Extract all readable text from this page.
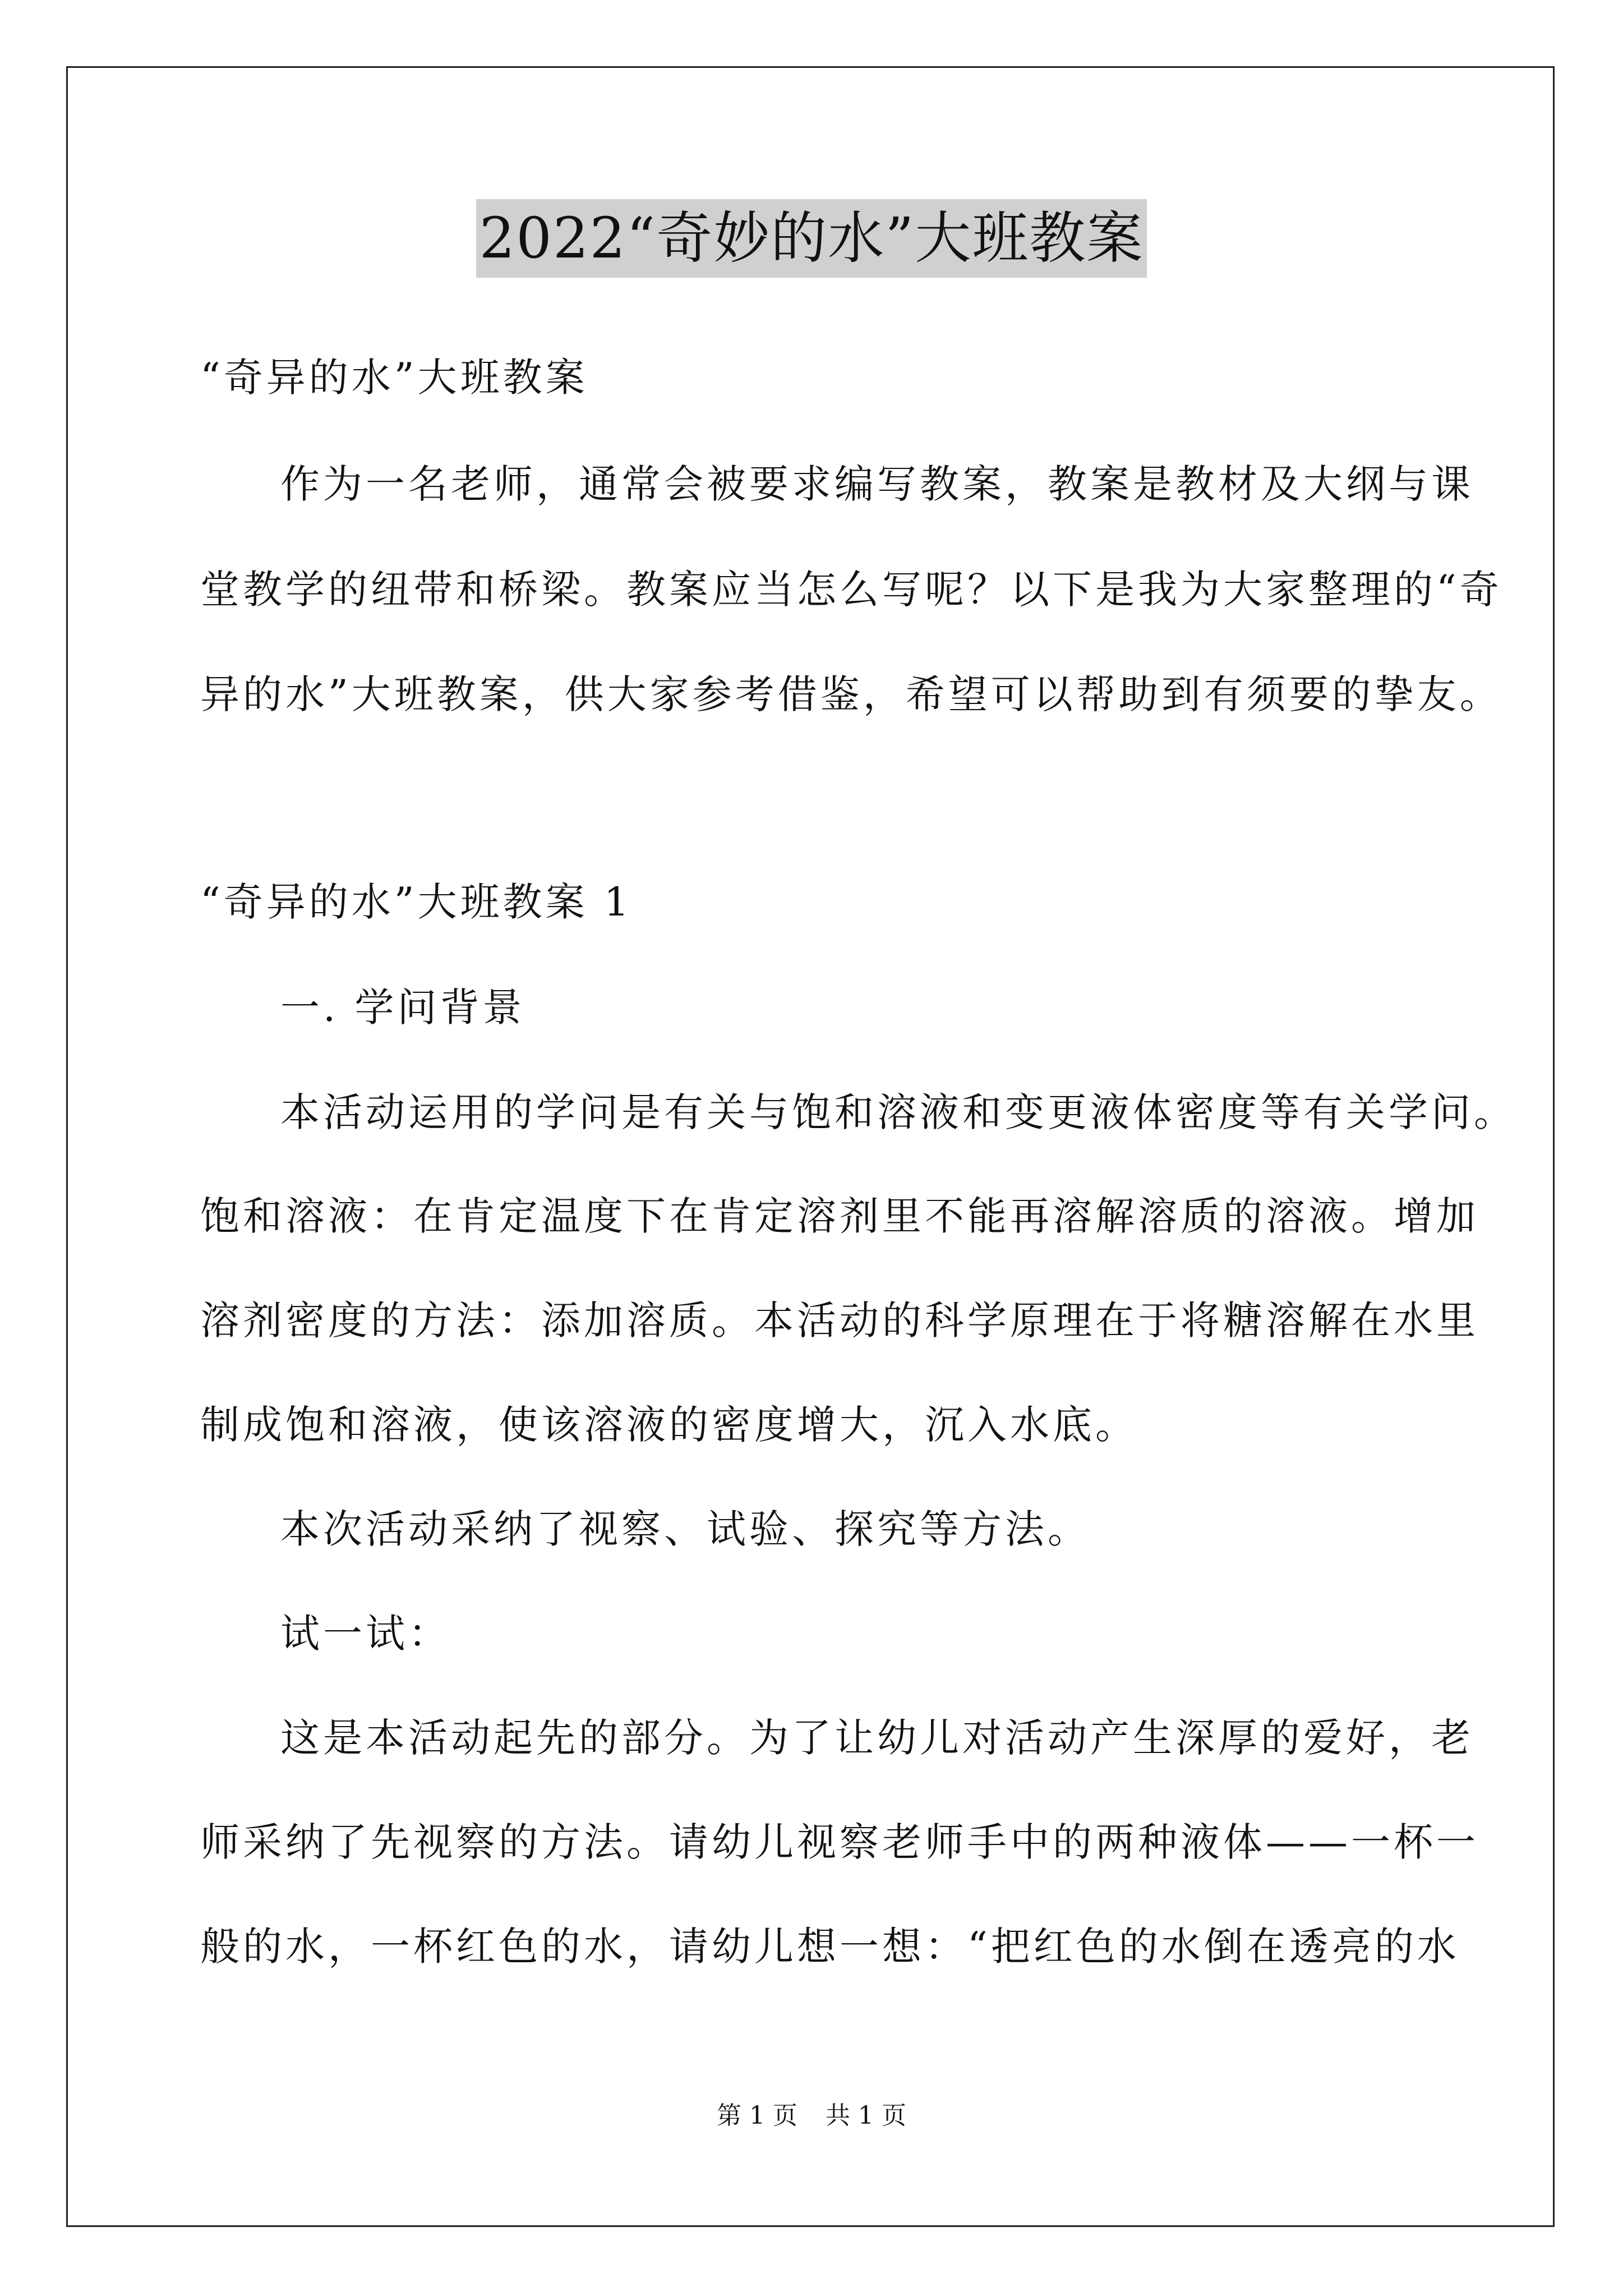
2022“奇妙的水”大班教案
“奇异的水”大班教案
作为一名老师，通常会被要求编写教案，教案是教材及大纲与课
堂教学的纽带和桥梁。教案应当怎么写呢？以下是我为大家整理的“奇
异的水”大班教案，供大家参考借鉴，希望可以帮助到有须要的挚友。
“奇异的水”大班教案 1
一. 学问背景
本活动运用的学问是有关与饱和溶液和变更液体密度等有关学问。
饱和溶液：在肯定温度下在肯定溶剂里不能再溶解溶质的溶液。增加
溶剂密度的方法：添加溶质。本活动的科学原理在于将糖溶解在水里
制成饱和溶液，使该溶液的密度增大，沉入水底。
本次活动采纳了视察、试验、探究等方法。
试一试：
这是本活动起先的部分。为了让幼儿对活动产生深厚的爱好，老
师采纳了先视察的方法。请幼儿视察老师手中的两种液体——一杯一
般的水，一杯红色的水，请幼儿想一想：“把红色的水倒在透亮的水
第 1 页 共 1 页
